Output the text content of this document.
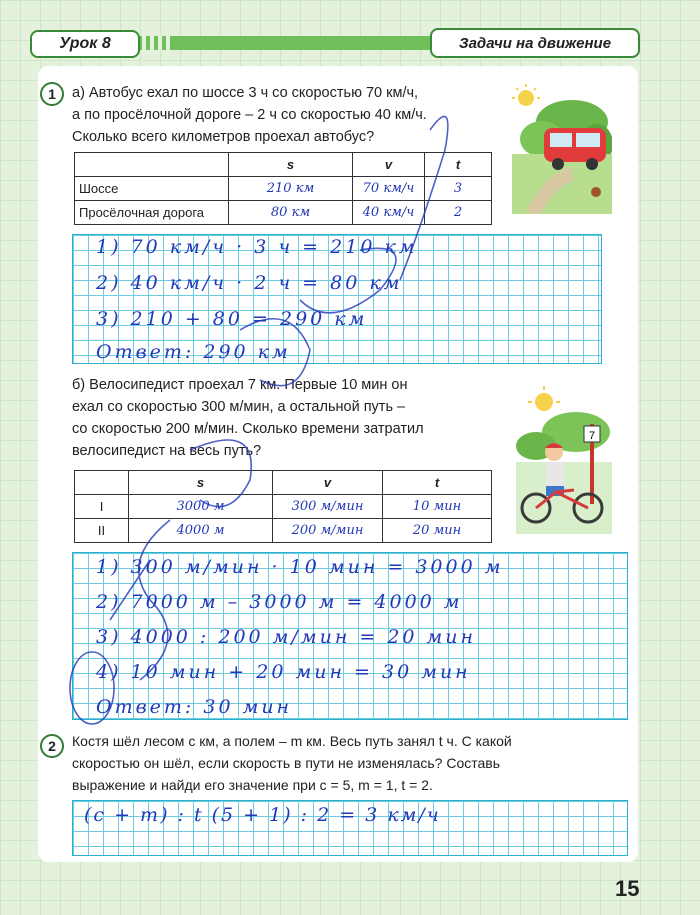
Урок 8	Задачи на движение
1	а) Автобус ехал по шоссе 3 ч со скоростью 70 км/ч,
а по просёлочной дороге – 2 ч со скоростью 40 км/ч.
Сколько всего километров проехал автобус?
	s	v	t
Шоссе	210 км	70 км/ч	3
Просёлочная дорога	80 км	40 км/ч	2
1) 70 км/ч · 3 ч = 210 км
2) 40 км/ч · 2 ч = 80 км
3) 210 + 80 = 290 км
Ответ: 290 км
б) Велосипедист проехал 7 км. Первые 10 мин он
ехал со скоростью 300 м/мин, а остальной путь –
со скоростью 200 м/мин. Сколько времени затратил
велосипедист на весь путь?
	s	v	t
I	3000 м	300 м/мин	10 мин
II	4000 м	200 м/мин	20 мин
7
1) 300 м/мин · 10 мин = 3000 м
2) 7000 м – 3000 м = 4000 м
3) 4000 : 200 м/мин = 20 мин
4) 10 мин + 20 мин = 30 мин
Ответ: 30 мин
2	Костя шёл лесом c км, а полем – m км. Весь путь занял t ч. С какой
скоростью он шёл, если скорость в пути не изменялась? Составь
выражение и найди его значение при c = 5, m = 1, t = 2.
(c + m) : t (5 + 1) : 2 = 3 км/ч
15
